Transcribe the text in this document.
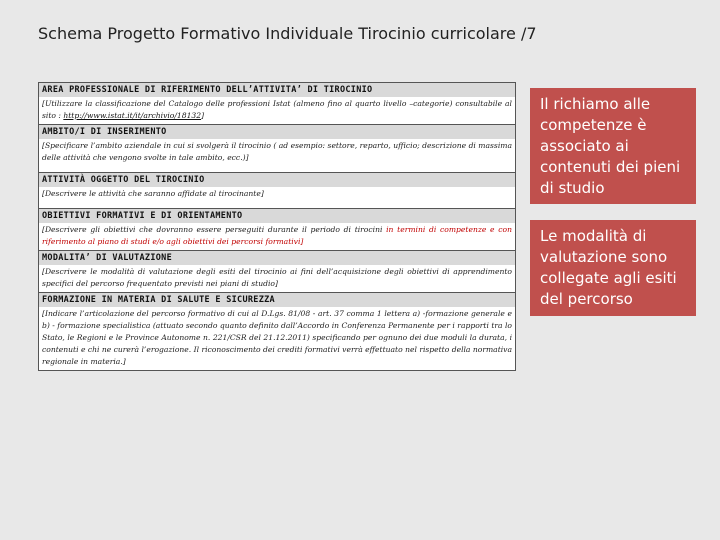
Schema Progetto Formativo Individuale Tirocinio curricolare /7
AREA PROFESSIONALE DI RIFERIMENTO DELL’ATTIVITA’ DI TIROCINIO
[Utilizzare la classificazione del Catalogo delle professioni Istat (almeno fino al quarto livello –categorie) consultabile al sito : http://www.istat.it/it/archivio/18132]
AMBITO/I DI INSERIMENTO
[Specificare l’ambito aziendale in cui si svolgerà il tirocinio ( ad esempio: settore, reparto, ufficio; descrizione di massima delle attività che vengono svolte in tale ambito, ecc.)]
ATTIVITÀ OGGETTO DEL TIROCINIO
[Descrivere le attività che saranno affidate al tirocinante]
OBIETTIVI FORMATIVI E DI ORIENTAMENTO
[Descrivere gli obiettivi che dovranno essere perseguiti durante il periodo di tirocini in termini di competenze e con riferimento al piano di studi e/o agli obiettivi dei percorsi formativi]
MODALITA’ DI VALUTAZIONE
[Descrivere le modalità di valutazione degli esiti del tirocinio ai fini dell’acquisizione degli obiettivi di apprendimento specifici del percorso frequentato previsti nei piani di studio]
FORMAZIONE IN MATERIA DI SALUTE E SICUREZZA
[Indicare l’articolazione del percorso formativo di cui al D.Lgs. 81/08 - art. 37 comma 1 lettera a) -formazione generale e b) - formazione specialistica (attuato secondo quanto definito dall’Accordo in Conferenza Permanente per i rapporti tra lo Stato, le Regioni e le Province Autonome n. 221/CSR del 21.12.2011) specificando per ognuno dei due moduli la durata, i contenuti e chi ne curerà l’erogazione. Il riconoscimento dei crediti formativi verrà effettuato nel rispetto della normativa regionale in materia.]
Il richiamo alle competenze è associato ai contenuti dei pieni di studio
Le modalità di valutazione sono collegate agli esiti del percorso
